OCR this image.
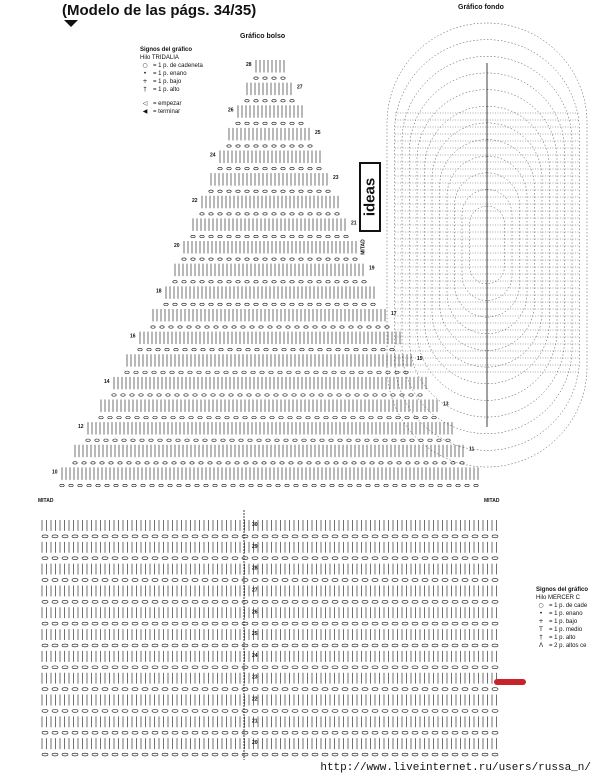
(Modelo de las págs. 34/35)
Gráfico bolso
Gráfico fondo
Signos del gráfico
Hilo TRIDALIA
○ = 1 p. de cadeneta
•	= 1 p. enano
+ = 1 p. bajo
†	= 1 p. alto
◁ = empezar
◀ = terminar
Signos del gráfico
Hilo MERCER C
○ = 1 p. de cade
•	= 1 p. enano
+ = 1 p. bajo
T	= 1 p. medio
†	= 1 p. alto
Λ = 2 p. altos ce
MITAD	MITAD
MITAD
ideas
28
27
26
25
24
23
22
21
20
19
18
17
16
15
14
13
12
11
10
30
29
28
27
26
25
24
23
22
21
20
http://www.liveinternet.ru/users/russa_n/
